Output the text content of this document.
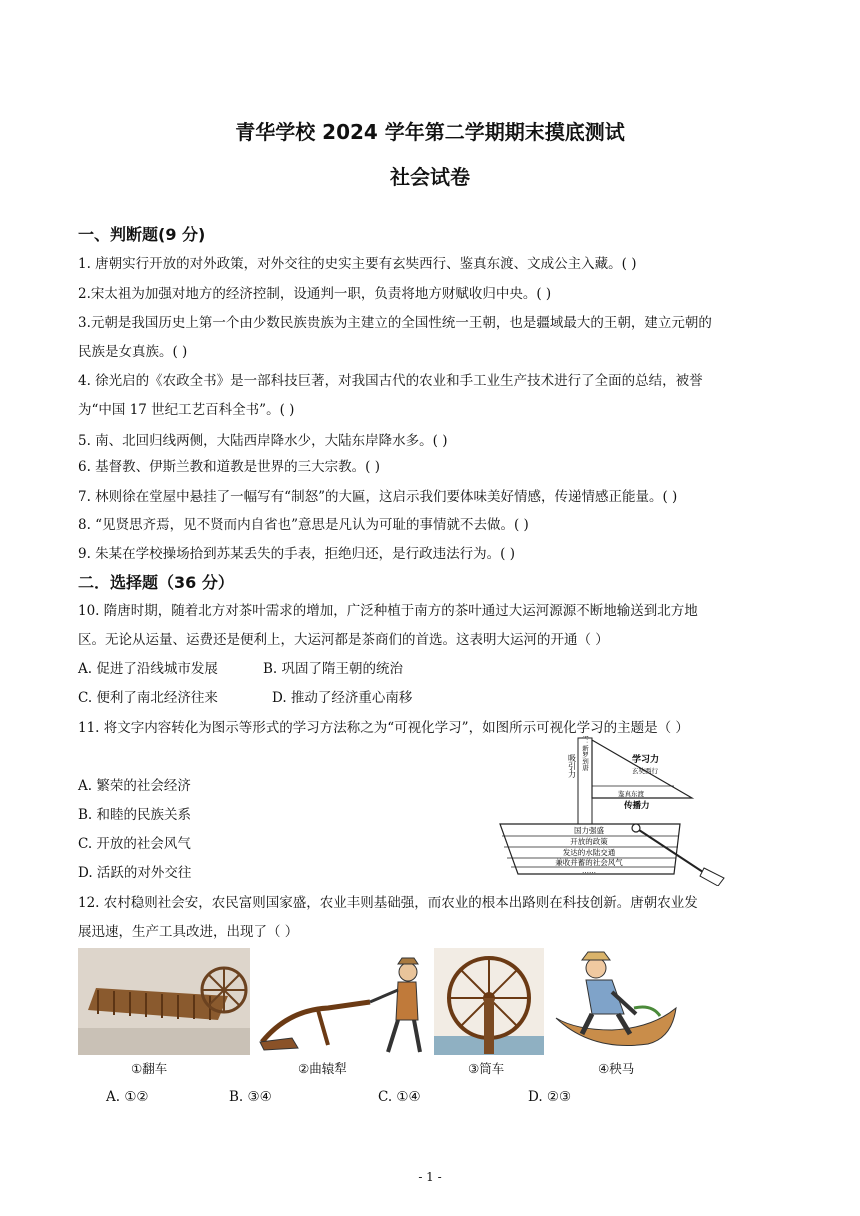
青华学校 2024 学年第二学期期末摸底测试
社会试卷
一、判断题(9 分)
1. 唐朝实行开放的对外政策，对外交往的史实主要有玄奘西行、鉴真东渡、文成公主入藏。( )
2.宋太祖为加强对地方的经济控制，设通判一职，负责将地方财赋收归中央。( )
3.元朝是我国历史上第一个由少数民族贵族为主建立的全国性统一王朝，也是疆域最大的王朝，建立元朝的
民族是女真族。( )
4. 徐光启的《农政全书》是一部科技巨著，对我国古代的农业和手工业生产技术进行了全面的总结，被誉
为“中国 17 世纪工艺百科全书”。( )
5. 南、北回归线两侧，大陆西岸降水少，大陆东岸降水多。( )
6. 基督教、伊斯兰教和道教是世界的三大宗教。( )
7. 林则徐在堂屋中悬挂了一幅写有“制怒”的大匾，这启示我们要体味美好情感，传递情感正能量。( )
8. “见贤思齐焉，见不贤而内自省也”意思是凡认为可耻的事情就不去做。( )
9. 朱某在学校操场拾到苏某丢失的手表，拒绝归还，是行政违法行为。( )
二．选择题（36 分）
10. 隋唐时期，随着北方对茶叶需求的增加，广泛种植于南方的茶叶通过大运河源源不断地输送到北方地
区。无论从运量、运费还是便利上，大运河都是茶商们的首选。这表明大运河的开通（ ）
A. 促进了沿线城市发展	B. 巩固了隋王朝的统治
C. 便利了南北经济往来	D. 推动了经济重心南移
11. 将文字内容转化为图示等形式的学习方法称之为“可视化学习”，如图所示可视化学习的主题是（ ）
A. 繁荣的社会经济
B. 和睦的民族关系
C. 开放的社会风气
D. 活跃的对外交往
日本：新罗到唐
吸引力	学习力
玄奘西行
鉴真东渡
传播力
国力强盛
开放的政策
发达的水陆交通
兼收并蓄的社会风气
……
12. 农村稳则社会安，农民富则国家盛，农业丰则基础强，而农业的根本出路则在科技创新。唐朝农业发
展迅速，生产工具改进，出现了（ ）
①翻车	②曲辕犁	③筒车	④秧马
A. ①②	B. ③④	C. ①④	D. ②③
- 1 -
